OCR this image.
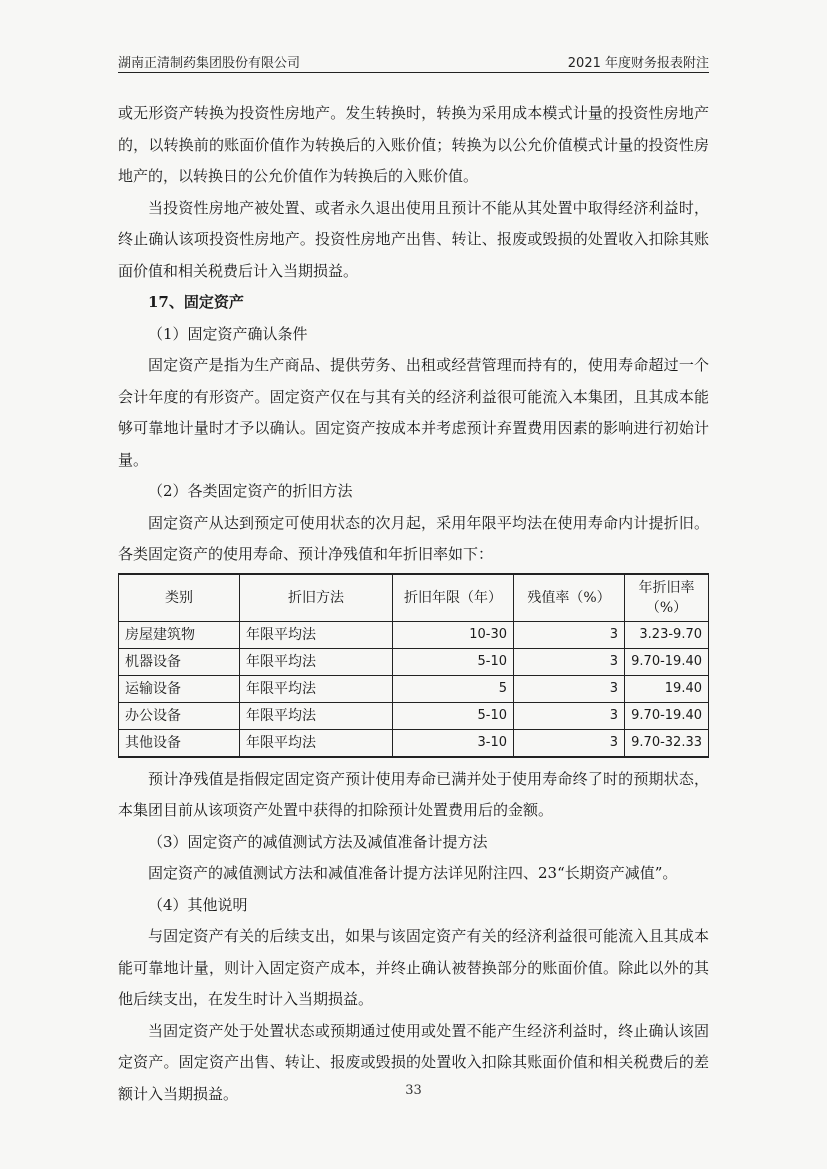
湖南正清制药集团股份有限公司	2021 年度财务报表附注

或无形资产转换为投资性房地产。发生转换时，转换为采用成本模式计量的投资性房地产的，以转换前的账面价值作为转换后的入账价值；转换为以公允价值模式计量的投资性房地产的，以转换日的公允价值作为转换后的入账价值。

当投资性房地产被处置、或者永久退出使用且预计不能从其处置中取得经济利益时，终止确认该项投资性房地产。投资性房地产出售、转让、报废或毁损的处置收入扣除其账面价值和相关税费后计入当期损益。

17、固定资产

（1）固定资产确认条件

固定资产是指为生产商品、提供劳务、出租或经营管理而持有的，使用寿命超过一个会计年度的有形资产。固定资产仅在与其有关的经济利益很可能流入本集团，且其成本能够可靠地计量时才予以确认。固定资产按成本并考虑预计弃置费用因素的影响进行初始计量。

（2）各类固定资产的折旧方法

固定资产从达到预定可使用状态的次月起，采用年限平均法在使用寿命内计提折旧。各类固定资产的使用寿命、预计净残值和年折旧率如下：

类别	折旧方法	折旧年限（年）	残值率（%）	年折旧率（%）
房屋建筑物	年限平均法	10-30	3	3.23-9.70
机器设备	年限平均法	5-10	3	9.70-19.40
运输设备	年限平均法	5	3	19.40
办公设备	年限平均法	5-10	3	9.70-19.40
其他设备	年限平均法	3-10	3	9.70-32.33

预计净残值是指假定固定资产预计使用寿命已满并处于使用寿命终了时的预期状态，本集团目前从该项资产处置中获得的扣除预计处置费用后的金额。

（3）固定资产的减值测试方法及减值准备计提方法

固定资产的减值测试方法和减值准备计提方法详见附注四、23“长期资产减值”。

（4）其他说明

与固定资产有关的后续支出，如果与该固定资产有关的经济利益很可能流入且其成本能可靠地计量，则计入固定资产成本，并终止确认被替换部分的账面价值。除此以外的其他后续支出，在发生时计入当期损益。

当固定资产处于处置状态或预期通过使用或处置不能产生经济利益时，终止确认该固定资产。固定资产出售、转让、报废或毁损的处置收入扣除其账面价值和相关税费后的差额计入当期损益。	33
